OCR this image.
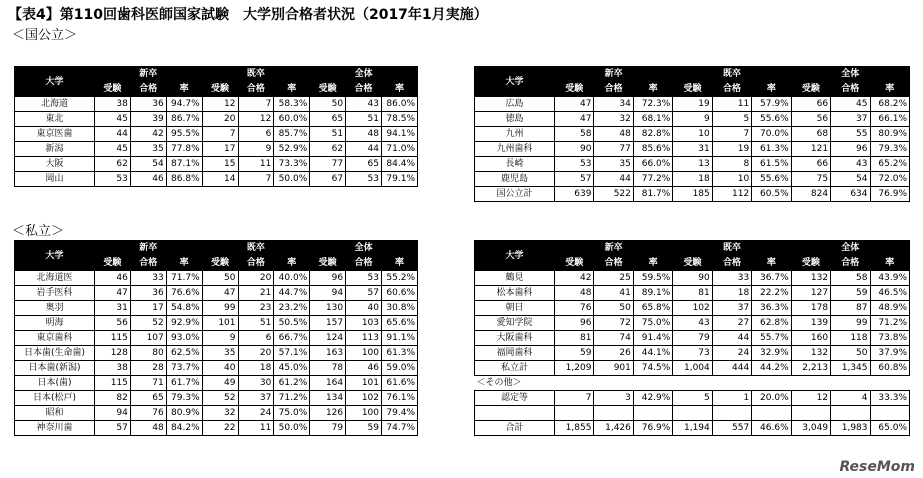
【表4】第110回歯科医師国家試験　大学別合格者状況（2017年1月実施）
＜国公立＞
＜私立＞
大学	新卒			既卒			全体		
	受験	合格	率	受験	合格	率	受験	合格	率
北海道	38	36	94.7%	12	7	58.3%	50	43	86.0%
東北	45	39	86.7%	20	12	60.0%	65	51	78.5%
東京医歯	44	42	95.5%	7	6	85.7%	51	48	94.1%
新潟	45	35	77.8%	17	9	52.9%	62	44	71.0%
大阪	62	54	87.1%	15	11	73.3%	77	65	84.4%
岡山	53	46	86.8%	14	7	50.0%	67	53	79.1%
大学	新卒			既卒			全体		
	受験	合格	率	受験	合格	率	受験	合格	率
広島	47	34	72.3%	19	11	57.9%	66	45	68.2%
徳島	47	32	68.1%	9	5	55.6%	56	37	66.1%
九州	58	48	82.8%	10	7	70.0%	68	55	80.9%
九州歯科	90	77	85.6%	31	19	61.3%	121	96	79.3%
長崎	53	35	66.0%	13	8	61.5%	66	43	65.2%
鹿児島	57	44	77.2%	18	10	55.6%	75	54	72.0%
国公立計	639	522	81.7%	185	112	60.5%	824	634	76.9%
大学	新卒			既卒			全体		
	受験	合格	率	受験	合格	率	受験	合格	率
北海道医	46	33	71.7%	50	20	40.0%	96	53	55.2%
岩手医科	47	36	76.6%	47	21	44.7%	94	57	60.6%
奥羽	31	17	54.8%	99	23	23.2%	130	40	30.8%
明海	56	52	92.9%	101	51	50.5%	157	103	65.6%
東京歯科	115	107	93.0%	9	6	66.7%	124	113	91.1%
日本歯(生命歯)	128	80	62.5%	35	20	57.1%	163	100	61.3%
日本歯(新潟)	38	28	73.7%	40	18	45.0%	78	46	59.0%
日本(歯)	115	71	61.7%	49	30	61.2%	164	101	61.6%
日本(松戸)	82	65	79.3%	52	37	71.2%	134	102	76.1%
昭和	94	76	80.9%	32	24	75.0%	126	100	79.4%
神奈川歯	57	48	84.2%	22	11	50.0%	79	59	74.7%
大学	新卒			既卒			全体		
	受験	合格	率	受験	合格	率	受験	合格	率
鶴見	42	25	59.5%	90	33	36.7%	132	58	43.9%
松本歯科	48	41	89.1%	81	18	22.2%	127	59	46.5%
朝日	76	50	65.8%	102	37	36.3%	178	87	48.9%
愛知学院	96	72	75.0%	43	27	62.8%	139	99	71.2%
大阪歯科	81	74	91.4%	79	44	55.7%	160	118	73.8%
福岡歯科	59	26	44.1%	73	24	32.9%	132	50	37.9%
私立計	1,209	901	74.5%	1,004	444	44.2%	2,213	1,345	60.8%
＜その他＞									
認定等	7	3	42.9%	5	1	20.0%	12	4	33.3%

合計	1,855	1,426	76.9%	1,194	557	46.6%	3,049	1,983	65.0%
ReseMom
